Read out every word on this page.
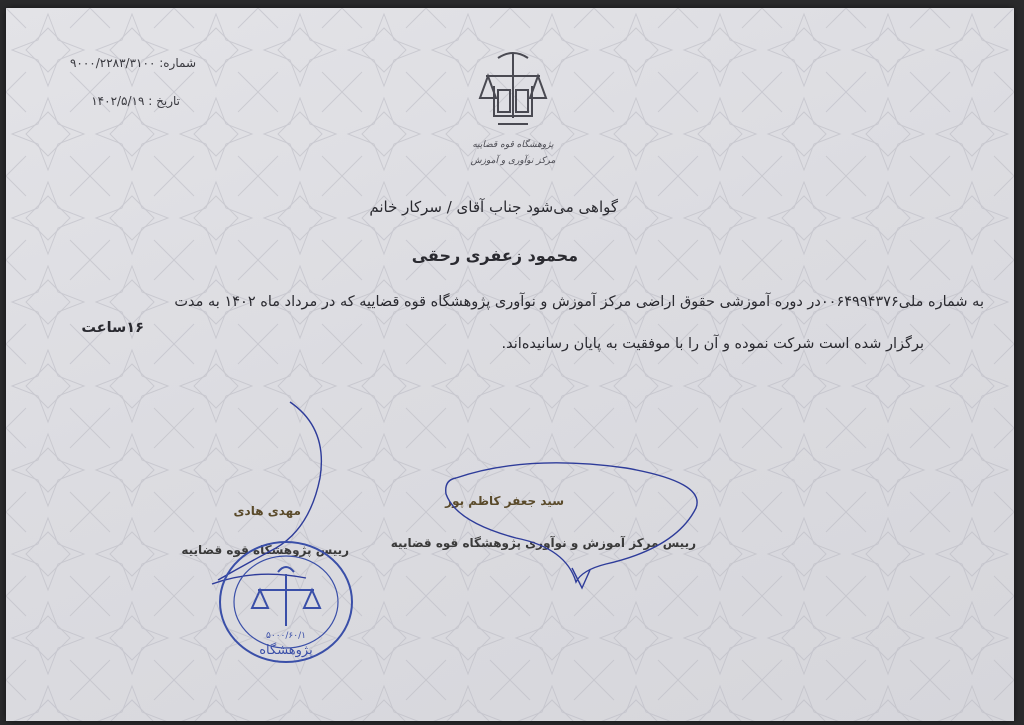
شماره: ۹۰۰۰/۲۲۸۳/۳۱۰۰
تاریخ : ۱۴۰۲/۵/۱۹
پژوهشگاه قوه قضاییه
مرکز نوآوری و آموزش
گواهی می‌شود جناب آقای / سرکار خانم
محمود زعفری رحقی
به شماره ملی۰۰۶۴۹۹۴۳۷۶در دوره آموزشی حقوق اراضی مرکز آموزش و نوآوری پژوهشگاه قوه قضاییه که در مرداد ماه ۱۴۰۲ به مدت
۱۶ساعت
برگزار شده است شرکت نموده و آن را با موفقیت به پایان رسانیده‌اند.
مهدی هادی
رییس پژوهشگاه قوه قضاییه
سید جعفر کاظم پور
رییس مرکز آموزش و نوآوری پژوهشگاه قوه قضاییه
پژوهشگاه
۵۰۰۰/۶۰/۱
